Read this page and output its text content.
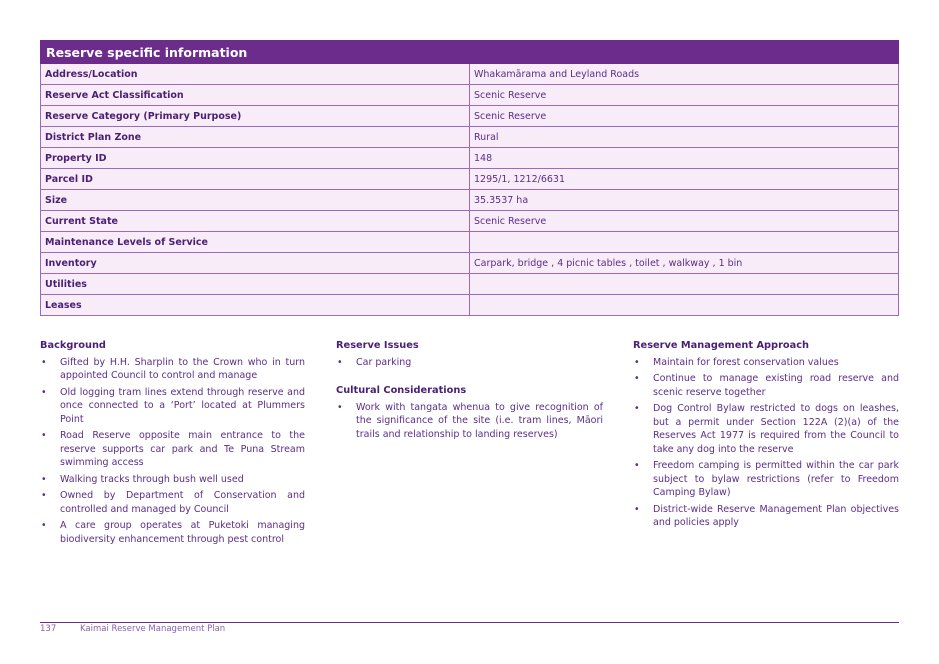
Reserve specific information	
Address/Location	Whakamārama and Leyland Roads
Reserve Act Classification	Scenic Reserve
Reserve Category (Primary Purpose)	Scenic Reserve
District Plan Zone	Rural
Property ID	148
Parcel ID	1295/1, 1212/6631
Size	35.3537 ha
Current State	Scenic Reserve
Maintenance Levels of Service	
Inventory	Carpark, bridge , 4 picnic tables , toilet , walkway , 1 bin
Utilities	
Leases	
Background
• Gifted by H.H. Sharplin to the Crown who in turn appointed Council to control and manage
• Old logging tram lines extend through reserve and once connected to a ‘Port’ located at Plummers Point
• Road Reserve opposite main entrance to the reserve supports car park and Te Puna Stream swimming access
• Walking tracks through bush well used
• Owned by Department of Conservation and controlled and managed by Council
• A care group operates at Puketoki managing biodiversity enhancement through pest control
Reserve Issues
• Car parking
Cultural Considerations
• Work with tangata whenua to give recognition of the significance of the site (i.e. tram lines, Māori trails and relationship to landing reserves)
Reserve Management Approach
• Maintain for forest conservation values
• Continue to manage existing road reserve and scenic reserve together
• Dog Control Bylaw restricted to dogs on leashes, but a permit under Section 122A (2)(a) of the Reserves Act 1977 is required from the Council to take any dog into the reserve
• Freedom camping is permitted within the car park subject to bylaw restrictions (refer to Freedom Camping Bylaw)
• District-wide Reserve Management Plan objectives and policies apply
137	Kaimai Reserve Management Plan
